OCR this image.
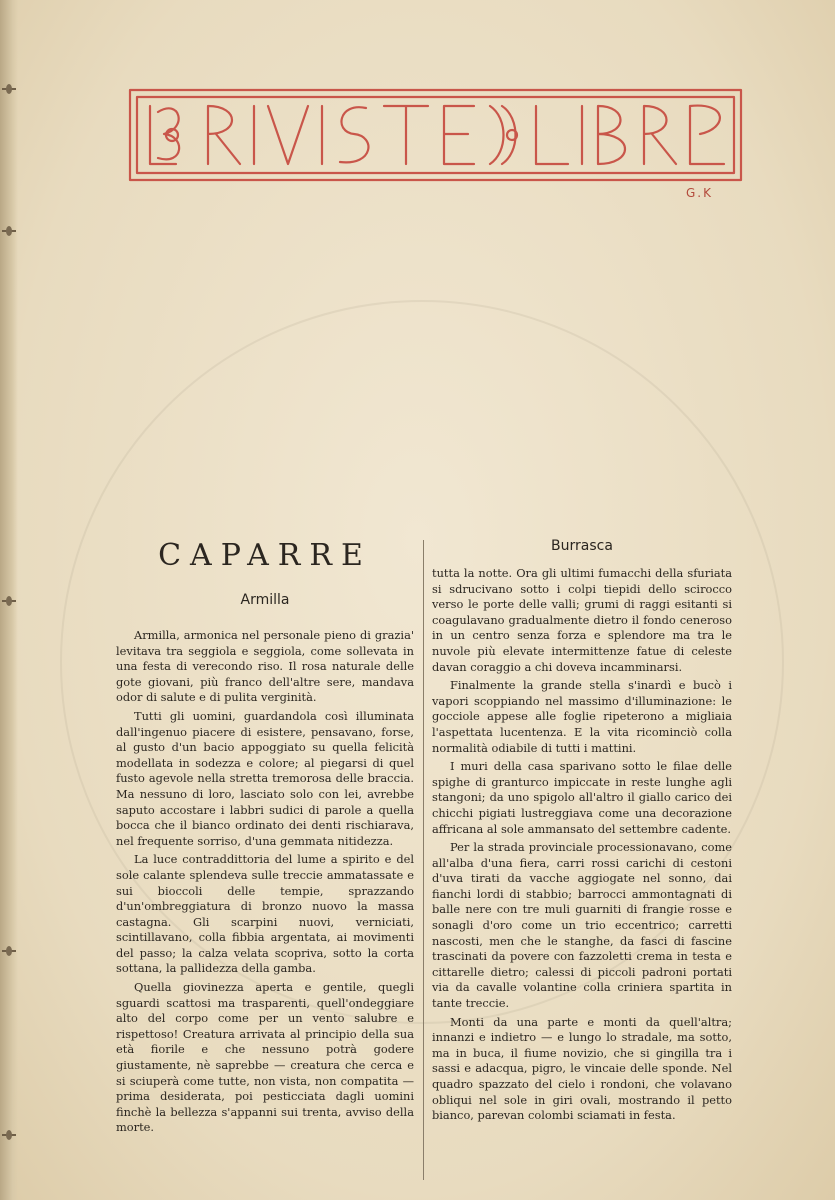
G.K
CAPARRE
Armilla

Armilla, armonica nel personale pieno di grazia' levitava tra seggiola e seggiola, come sollevata in una festa di verecondo riso. Il rosa naturale delle gote giovani, più franco dell'altre sere, mandava odor di salute e di pulita verginità.

Tutti gli uomini, guardandola così illuminata dall'ingenuo piacere di esistere, pensavano, forse, al gusto d'un bacio appoggiato su quella felicità modellata in sodezza e colore; al piegarsi di quel fusto agevole nella stretta tremorosa delle braccia. Ma nessuno di loro, lasciato solo con lei, avrebbe saputo accostare i labbri sudici di parole a quella bocca che il bianco ordinato dei denti rischiarava, nel frequente sorriso, d'una gemmata nitidezza.

La luce contraddittoria del lume a spirito e del sole calante splendeva sulle treccie ammatassate e sui bioccoli delle tempie, sprazzando d'un'ombreggiatura di bronzo nuovo la massa castagna. Gli scarpini nuovi, verniciati, scintillavano, colla fibbia argentata, ai movimenti del passo; la calza velata scopriva, sotto la corta sottana, la pallidezza della gamba.

Quella giovinezza aperta e gentile, quegli sguardi scattosi ma trasparenti, quell'ondeggiare alto del corpo come per un vento salubre e rispettoso! Creatura arrivata al principio della sua età fiorile e che nessuno potrà godere giustamente, nè saprebbe — creatura che cerca e si sciuperà come tutte, non vista, non compatita — prima desiderata, poi pesticciata dagli uomini finchè la bellezza s'appanni sui trenta, avviso della morte.

Burrasca

tutta la notte. Ora gli ultimi fumacchi della sfuriata si sdrucivano sotto i colpi tiepidi dello scirocco verso le porte delle valli; grumi di raggi esitanti si coagulavano gradualmente dietro il fondo ceneroso in un centro senza forza e splendore ma tra le nuvole più elevate intermittenze fatue di celeste davan coraggio a chi doveva incamminarsi.

Finalmente la grande stella s'inardì e bucò i vapori scoppiando nel massimo d'illuminazione: le gocciole appese alle foglie ripeterono a migliaia l'aspettata lucentenza. E la vita ricominciò colla normalità odiabile di tutti i mattini.

I muri della casa sparivano sotto le filae delle spighe di granturco impiccate in reste lunghe agli stangoni; da uno spigolo all'altro il giallo carico dei chicchi pigiati lustreggiava come una decorazione affricana al sole ammansato del settembre cadente.

Per la strada provinciale processionavano, come all'alba d'una fiera, carri rossi carichi di cestoni d'uva tirati da vacche aggiogate nel sonno, dai fianchi lordi di stabbio; barrocci ammontagnati di balle nere con tre muli guarniti di frangie rosse e sonagli d'oro come un trio eccentrico; carretti nascosti, men che le stanghe, da fasci di fascine trascinati da povere con fazzoletti crema in testa e cittarelle dietro; calessi di piccoli padroni portati via da cavalle volantine colla criniera spartita in tante treccie.

Monti da una parte e monti da quell'altra; innanzi e indietro — e lungo lo stradale, ma sotto, ma in buca, il fiume novizio, che si gingilla tra i sassi e adacqua, pigro, le vincaie delle sponde. Nel quadro spazzato del cielo i rondoni, che volavano obliqui nel sole in giri ovali, mostrando il petto bianco, parevan colombi sciamati in festa.
